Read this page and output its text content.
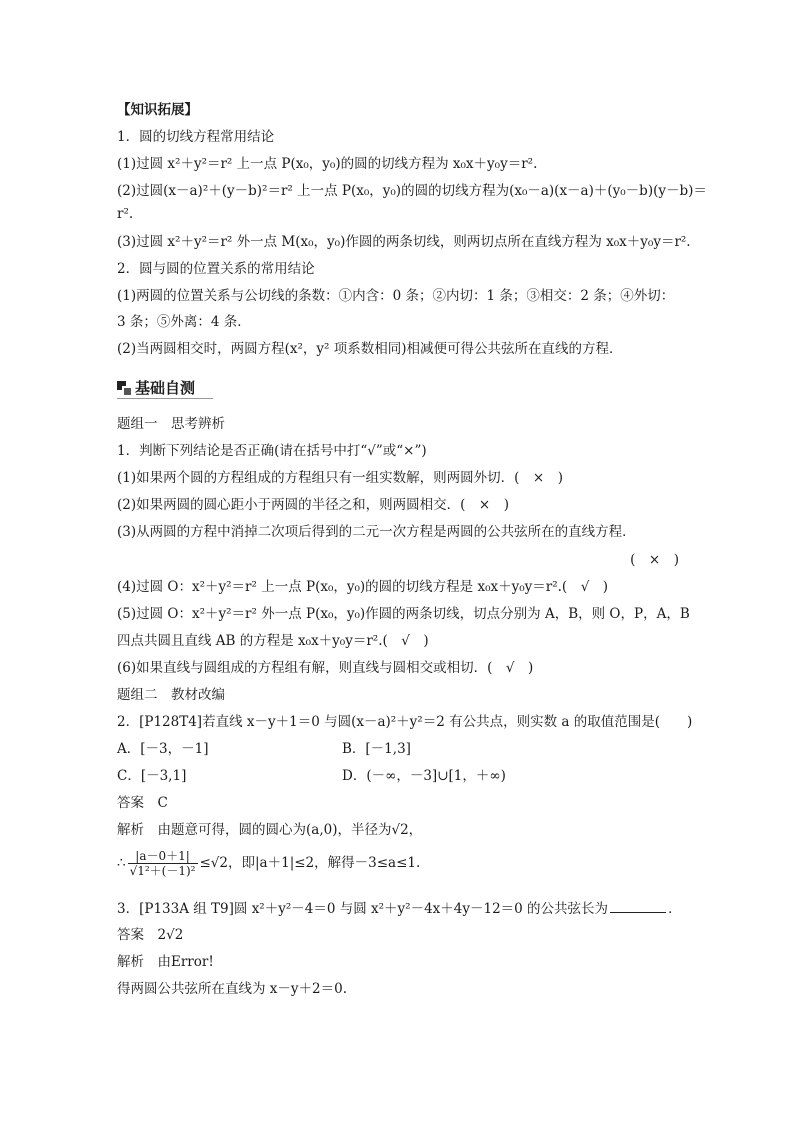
【知识拓展】
1．圆的切线方程常用结论
(1)过圆 x²＋y²＝r² 上一点 P(x₀，y₀)的圆的切线方程为 x₀x＋y₀y＝r².
(2)过圆(x－a)²＋(y－b)²＝r² 上一点 P(x₀，y₀)的圆的切线方程为(x₀－a)(x－a)＋(y₀－b)(y－b)＝
r².
(3)过圆 x²＋y²＝r² 外一点 M(x₀，y₀)作圆的两条切线，则两切点所在直线方程为 x₀x＋y₀y＝r².
2．圆与圆的位置关系的常用结论
(1)两圆的位置关系与公切线的条数：①内含：0 条；②内切：1 条；③相交：2 条；④外切：
3 条；⑤外离：4 条．
(2)当两圆相交时，两圆方程(x²，y² 项系数相同)相减便可得公共弦所在直线的方程．
基础自测
题组一　思考辨析
1．判断下列结论是否正确(请在括号中打“√”或“×”)
(1)如果两个圆的方程组成的方程组只有一组实数解，则两圆外切．(　×　)
(2)如果两圆的圆心距小于两圆的半径之和，则两圆相交．(　×　)
(3)从两圆的方程中消掉二次项后得到的二元一次方程是两圆的公共弦所在的直线方程．
(　×　)
(4)过圆 O：x²＋y²＝r² 上一点 P(x₀，y₀)的圆的切线方程是 x₀x＋y₀y＝r².(　√　)
(5)过圆 O：x²＋y²＝r² 外一点 P(x₀，y₀)作圆的两条切线，切点分别为 A，B，则 O，P，A，B
四点共圆且直线 AB 的方程是 x₀x＋y₀y＝r².(　√　)
(6)如果直线与圆组成的方程组有解，则直线与圆相交或相切．(　√　)
题组二　教材改编
2．[P128T4]若直线 x－y＋1＝0 与圆(x－a)²＋y²＝2 有公共点，则实数 a 的取值范围是(　　)
A．[－3，－1]	B．[－1,3]
C．[－3,1]	D．(－∞，－3]∪[1，＋∞)
答案　C
解析　由题意可得，圆的圆心为(a,0)，半径为√2，
∴ $\frac{|a-0+1|}{\text{√1²＋(－1)²}} \le√2$，即|a＋1|≤2，解得－3≤a≤1.
3．[P133A 组 T9]圆 x²＋y²－4＝0 与圆 x²＋y²－4x＋4y－12＝0 的公共弦长为	．
答案　2√2
解析　由Error!
得两圆公共弦所在直线为 x－y＋2＝0.
